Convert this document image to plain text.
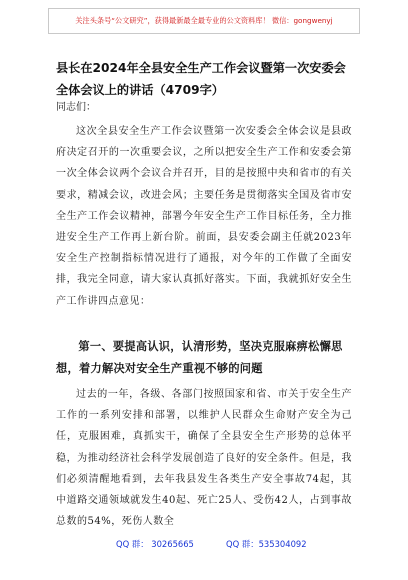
关注头条号“公文研究”，获得最新最全最专业的公文资料库！ 微信：gongwenyj
县长在2024年全县安全生产工作会议暨第一次安委会全体会议上的讲话（4709字）
同志们：
这次全县安全生产工作会议暨第一次安委会全体会议是县政府决定召开的一次重要会议，之所以把安全生产工作和安委会第一次全体会议两个会议合并召开，目的是按照中央和省市的有关要求，精减会议，改进会风；主要任务是贯彻落实全国及省市安全生产工作会议精神，部署今年安全生产工作目标任务，全力推进安全生产工作再上新台阶。前面，县安委会副主任就2023年安全生产控制指标情况进行了通报，对今年的工作做了全面安排，我完全同意，请大家认真抓好落实。下面，我就抓好安全生产工作讲四点意见：
第一、要提高认识，认清形势，坚决克服麻痹松懈思想，着力解决对安全生产重视不够的问题
过去的一年，各级、各部门按照国家和省、市关于安全生产工作的一系列安排和部署，以维护人民群众生命财产安全为己任，克服困难，真抓实干，确保了全县安全生产形势的总体平稳，为推动经济社会科学发展创造了良好的安全条件。但是，我们必须清醒地看到，去年我县发生各类生产安全事故74起，其中道路交通领域就发生40起、死亡25人、受伤42人，占到事故总数的54%，死伤人数全
QQ 群： 30265665	QQ 群：535304092
